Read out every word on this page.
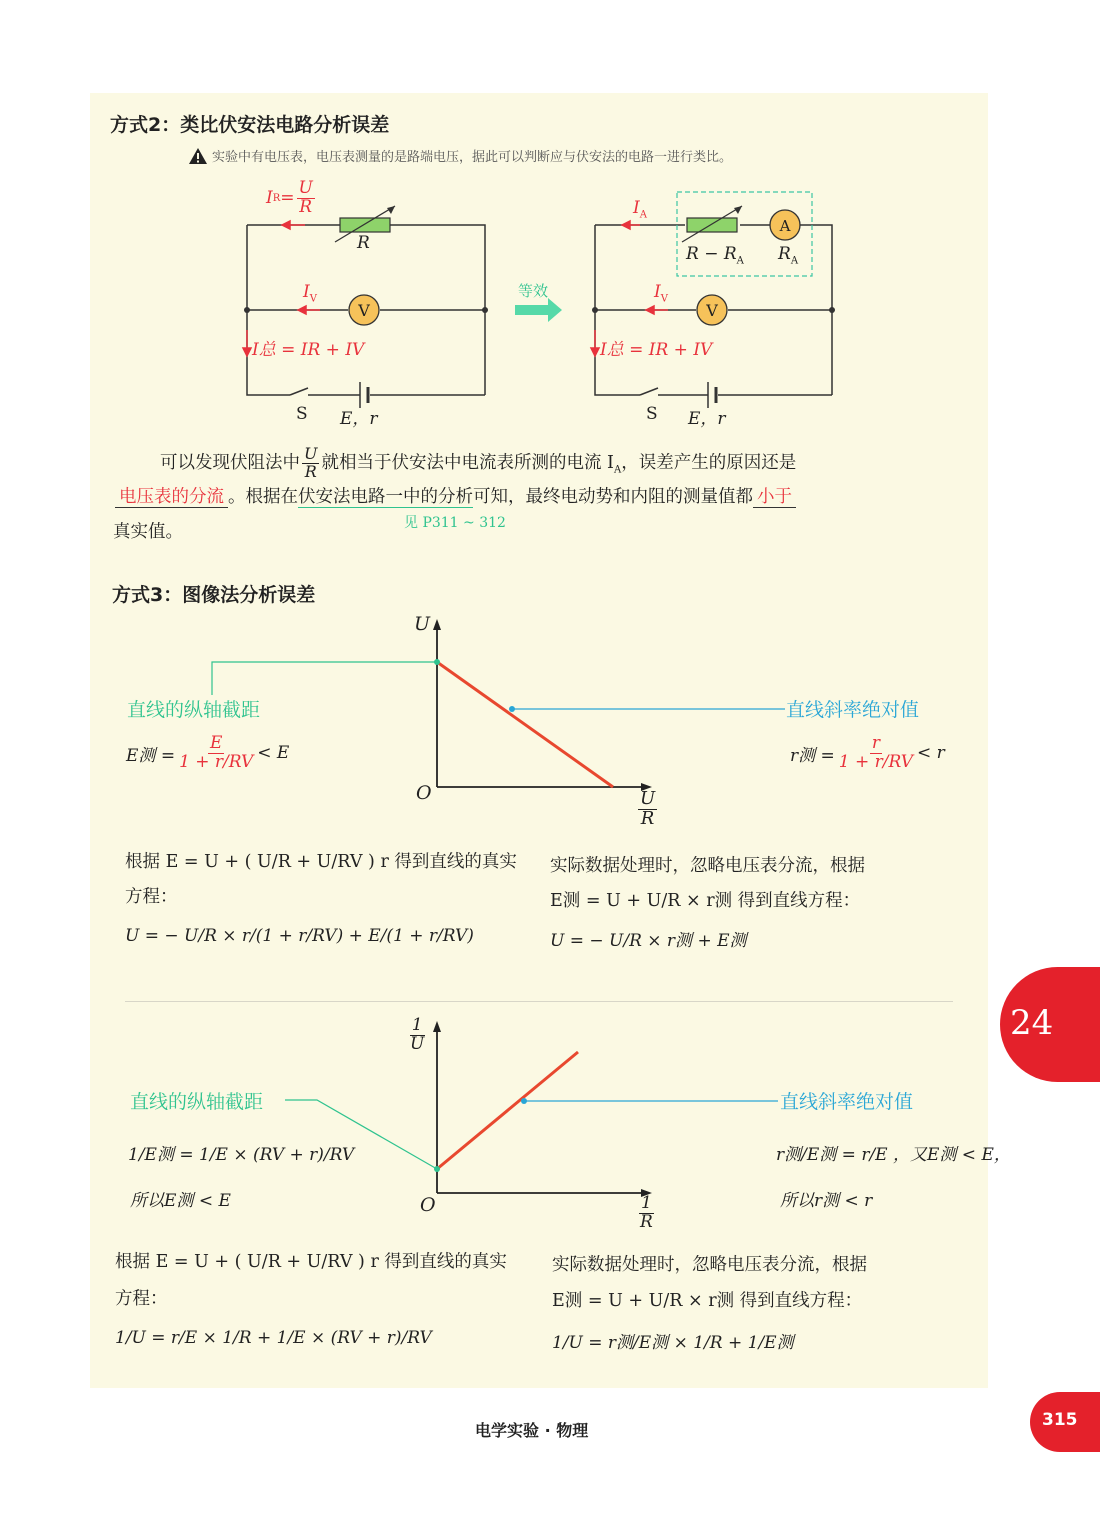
方式2：类比伏安法电路分析误差
实验中有电压表，电压表测量的是路端电压，据此可以判断应与伏安法的电路一进行类比。
V	V
A
I $R = \frac{U}{R}$
R
$I_V$
I总 = IR + IV
S E，r
等效
$I_A$
$R - R_A$ $R_A$
$I_V$
I总 = IR + IV
S E，r
可以发现伏阻法中 $\frac{U}{R}$ 就相当于伏安法中电流表所测的电流 $I_A$，误差产生的原因还是
电压表的分流 。根据在伏安法电路一中的分析可知，最终电动势和内阻的测量值都 小于
见 P311 ~ 312
真实值。
方式3：图像法分析误差
U
O	$\frac{U}{R}$
直线的纵轴截距	直线斜率绝对值
E测 = $\frac{E}{1 + r/RV} < E$	r测 = $\frac{r}{1 + r/RV} < r$
根据 E = U + ( U/R + U/RV ) r 得到直线的真实
方程：
U = − U/R × r/(1 + r/RV) + E/(1 + r/RV)
实际数据处理时，忽略电压表分流，根据
E测 = U + U/R × r测 得到直线方程：
U = − U/R × r测 + E测
$\frac{1}{U}$
O	$\frac{1}{R}$
直线的纵轴截距	直线斜率绝对值
1/E测 = 1/E × (RV + r)/RV
所以E测 < E
r测/E测 = r/E ，又E测 < E，
所以r测 < r
根据 E = U + ( U/R + U/RV ) r 得到直线的真实
方程：
1/U = r/E × 1/R + 1/E × (RV + r)/RV
实际数据处理时，忽略电压表分流，根据
E测 = U + U/R × r测 得到直线方程：
1/U = r测/E测 × 1/R + 1/E测
24
电学实验 · 物理
315
